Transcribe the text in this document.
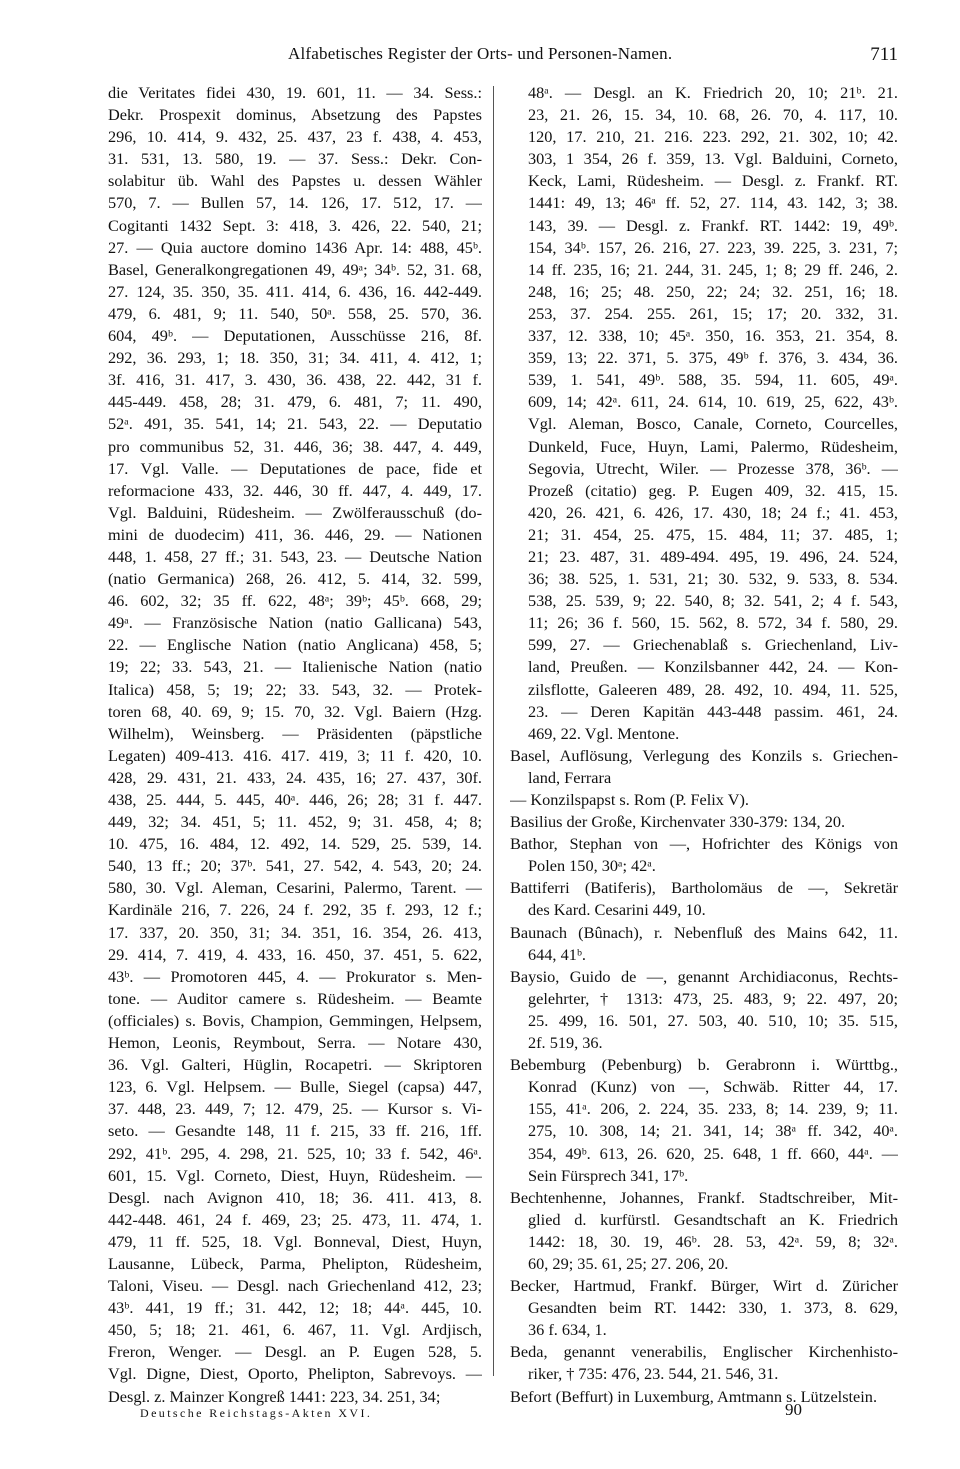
Alfabetisches Register der Orts- und Personen-Namen.	711
die Veritates fidei 430, 19. 601, 11. — 34. Sess.:
Dekr. Prospexit dominus, Absetzung des Papstes
296, 10. 414, 9. 432, 25. 437, 23 f. 438, 4. 453,
31. 531, 13. 580, 19. — 37. Sess.: Dekr. Con-
solabitur üb. Wahl des Papstes u. dessen Wähler
570, 7. — Bullen 57, 14. 126, 17. 512, 17. —
Cogitanti 1432 Sept. 3: 418, 3. 426, 22. 540, 21;
27. — Quia auctore domino 1436 Apr. 14: 488, 45ᵇ.
Basel, Generalkongregationen 49, 49ᵃ; 34ᵇ. 52, 31. 68,
27. 124, 35. 350, 35. 411. 414, 6. 436, 16. 442-449.
479, 6. 481, 9; 11. 540, 50ᵃ. 558, 25. 570, 36.
604, 49ᵇ. — Deputationen, Ausschüsse 216, 8f.
292, 36. 293, 1; 18. 350, 31; 34. 411, 4. 412, 1;
3f. 416, 31. 417, 3. 430, 36. 438, 22. 442, 31 f.
445-449. 458, 28; 31. 479, 6. 481, 7; 11. 490,
52ᵃ. 491, 35. 541, 14; 21. 543, 22. — Deputatio
pro communibus 52, 31. 446, 36; 38. 447, 4. 449,
17. Vgl. Valle. — Deputationes de pace, fide et
reformacione 433, 32. 446, 30 ff. 447, 4. 449, 17.
Vgl. Balduini, Rüdesheim. — Zwölferausschuß (do-
mini de duodecim) 411, 36. 446, 29. — Nationen
448, 1. 458, 27 ff.; 31. 543, 23. — Deutsche Nation
(natio Germanica) 268, 26. 412, 5. 414, 32. 599,
46. 602, 32; 35 ff. 622, 48ᵃ; 39ᵇ; 45ᵇ. 668, 29;
49ᵃ. — Französische Nation (natio Gallicana) 543,
22. — Englische Nation (natio Anglicana) 458, 5;
19; 22; 33. 543, 21. — Italienische Nation (natio
Italica) 458, 5; 19; 22; 33. 543, 32. — Protek-
toren 68, 40. 69, 9; 15. 70, 32. Vgl. Baiern (Hzg.
Wilhelm), Weinsberg. — Präsidenten (päpstliche
Legaten) 409-413. 416. 417. 419, 3; 11 f. 420, 10.
428, 29. 431, 21. 433, 24. 435, 16; 27. 437, 30f.
438, 25. 444, 5. 445, 40ᵃ. 446, 26; 28; 31 f. 447.
449, 32; 34. 451, 5; 11. 452, 9; 31. 458, 4; 8;
10. 475, 16. 484, 12. 492, 14. 529, 25. 539, 14.
540, 13 ff.; 20; 37ᵇ. 541, 27. 542, 4. 543, 20; 24.
580, 30. Vgl. Aleman, Cesarini, Palermo, Tarent. —
Kardinäle 216, 7. 226, 24 f. 292, 35 f. 293, 12 f.;
17. 337, 20. 350, 31; 34. 351, 16. 354, 26. 413,
29. 414, 7. 419, 4. 433, 16. 450, 37. 451, 5. 622,
43ᵇ. — Promotoren 445, 4. — Prokurator s. Men-
tone. — Auditor camere s. Rüdesheim. — Beamte
(officiales) s. Bovis, Champion, Gemmingen, Helpsem,
Hemon, Leonis, Reymbout, Serra. — Notare 430,
36. Vgl. Galteri, Hüglin, Rocapetri. — Skriptoren
123, 6. Vgl. Helpsem. — Bulle, Siegel (capsa) 447,
37. 448, 23. 449, 7; 12. 479, 25. — Kursor s. Vi-
seto. — Gesandte 148, 11 f. 215, 33 ff. 216, 1ff.
292, 41ᵇ. 295, 4. 298, 21. 525, 10; 33 f. 542, 46ᵃ.
601, 15. Vgl. Corneto, Diest, Huyn, Rüdesheim. —
Desgl. nach Avignon 410, 18; 36. 411. 413, 8.
442-448. 461, 24 f. 469, 23; 25. 473, 11. 474, 1.
479, 11 ff. 525, 18. Vgl. Bonneval, Diest, Huyn,
Lausanne, Lübeck, Parma, Phelipton, Rüdesheim,
Taloni, Viseu. — Desgl. nach Griechenland 412, 23;
43ᵇ. 441, 19 ff.; 31. 442, 12; 18; 44ᵃ. 445, 10.
450, 5; 18; 21. 461, 6. 467, 11. Vgl. Ardjisch,
Freron, Wenger. — Desgl. an P. Eugen 528, 5.
Vgl. Digne, Diest, Oporto, Phelipton, Sabrevoys. —
Desgl. z. Mainzer Kongreß 1441: 223, 34. 251, 34;
48ᵃ. — Desgl. an K. Friedrich 20, 10; 21ᵇ. 21.
23, 21. 26, 15. 34, 10. 68, 26. 70, 4. 117, 10.
120, 17. 210, 21. 216. 223. 292, 21. 302, 10; 42.
303, 1 354, 26 f. 359, 13. Vgl. Balduini, Corneto,
Keck, Lami, Rüdesheim. — Desgl. z. Frankf. RT.
1441: 49, 13; 46ᵃ ff. 52, 27. 114, 43. 142, 3; 38.
143, 39. — Desgl. z. Frankf. RT. 1442: 19, 49ᵇ.
154, 34ᵇ. 157, 26. 216, 27. 223, 39. 225, 3. 231, 7;
14 ff. 235, 16; 21. 244, 31. 245, 1; 8; 29 ff. 246, 2.
248, 16; 25; 48. 250, 22; 24; 32. 251, 16; 18.
253, 37. 254. 255. 261, 15; 17; 20. 332, 31.
337, 12. 338, 10; 45ᵃ. 350, 16. 353, 21. 354, 8.
359, 13; 22. 371, 5. 375, 49ᵇ f. 376, 3. 434, 36.
539, 1. 541, 49ᵇ. 588, 35. 594, 11. 605, 49ᵃ.
609, 14; 42ᵃ. 611, 24. 614, 10. 619, 25, 622, 43ᵇ.
Vgl. Aleman, Bosco, Canale, Corneto, Courcelles,
Dunkeld, Fuce, Huyn, Lami, Palermo, Rüdesheim,
Segovia, Utrecht, Wiler. — Prozesse 378, 36ᵇ. —
Prozeß (citatio) geg. P. Eugen 409, 32. 415, 15.
420, 26. 421, 6. 426, 17. 430, 18; 24 f.; 41. 453,
21; 31. 454, 25. 475, 15. 484, 11; 37. 485, 1;
21; 23. 487, 31. 489-494. 495, 19. 496, 24. 524,
36; 38. 525, 1. 531, 21; 30. 532, 9. 533, 8. 534.
538, 25. 539, 9; 22. 540, 8; 32. 541, 2; 4 f. 543,
11; 26; 36 f. 560, 15. 562, 8. 572, 34 f. 580, 29.
599, 27. — Griechenablaß s. Griechenland, Liv-
land, Preußen. — Konzilsbanner 442, 24. — Kon-
zilsflotte, Galeeren 489, 28. 492, 10. 494, 11. 525,
23. — Deren Kapitän 443-448 passim. 461, 24.
469, 22. Vgl. Mentone.
Basel, Auflösung, Verlegung des Konzils s. Griechen-
land, Ferrara
— Konzilspapst s. Rom (P. Felix V).
Basilius der Große, Kirchenvater 330-379: 134, 20.
Bathor, Stephan von —, Hofrichter des Königs von
Polen 150, 30ᵃ; 42ᵃ.
Battiferri (Batiferis), Bartholomäus de —, Sekretär
des Kard. Cesarini 449, 10.
Baunach (Bûnach), r. Nebenfluß des Mains 642, 11.
644, 41ᵇ.
Baysio, Guido de —, genannt Archidiaconus, Rechts-
gelehrter, † 1313: 473, 25. 483, 9; 22. 497, 20;
25. 499, 16. 501, 27. 503, 40. 510, 10; 35. 515,
2f. 519, 36.
Bebemburg (Pebenburg) b. Gerabronn i. Württbg.,
Konrad (Kunz) von —, Schwäb. Ritter 44, 17.
155, 41ᵃ. 206, 2. 224, 35. 233, 8; 14. 239, 9; 11.
275, 10. 308, 14; 21. 341, 14; 38ᵃ ff. 342, 40ᵃ.
354, 49ᵇ. 613, 26. 620, 25. 648, 1 ff. 660, 44ᵃ. —
Sein Fürsprech 341, 17ᵇ.
Bechtenhenne, Johannes, Frankf. Stadtschreiber, Mit-
glied d. kurfürstl. Gesandtschaft an K. Friedrich
1442: 18, 30. 19, 46ᵇ. 28. 53, 42ᵃ. 59, 8; 32ᵃ.
60, 29; 35. 61, 25; 27. 206, 20.
Becker, Hartmud, Frankf. Bürger, Wirt d. Züricher
Gesandten beim RT. 1442: 330, 1. 373, 8. 629,
36 f. 634, 1.
Beda, genannt venerabilis, Englischer Kirchenhisto-
riker, † 735: 476, 23. 544, 21. 546, 31.
Befort (Beffurt) in Luxemburg, Amtmann s. Lützelstein.
Deutsche Reichstags-Akten XVI.	90
